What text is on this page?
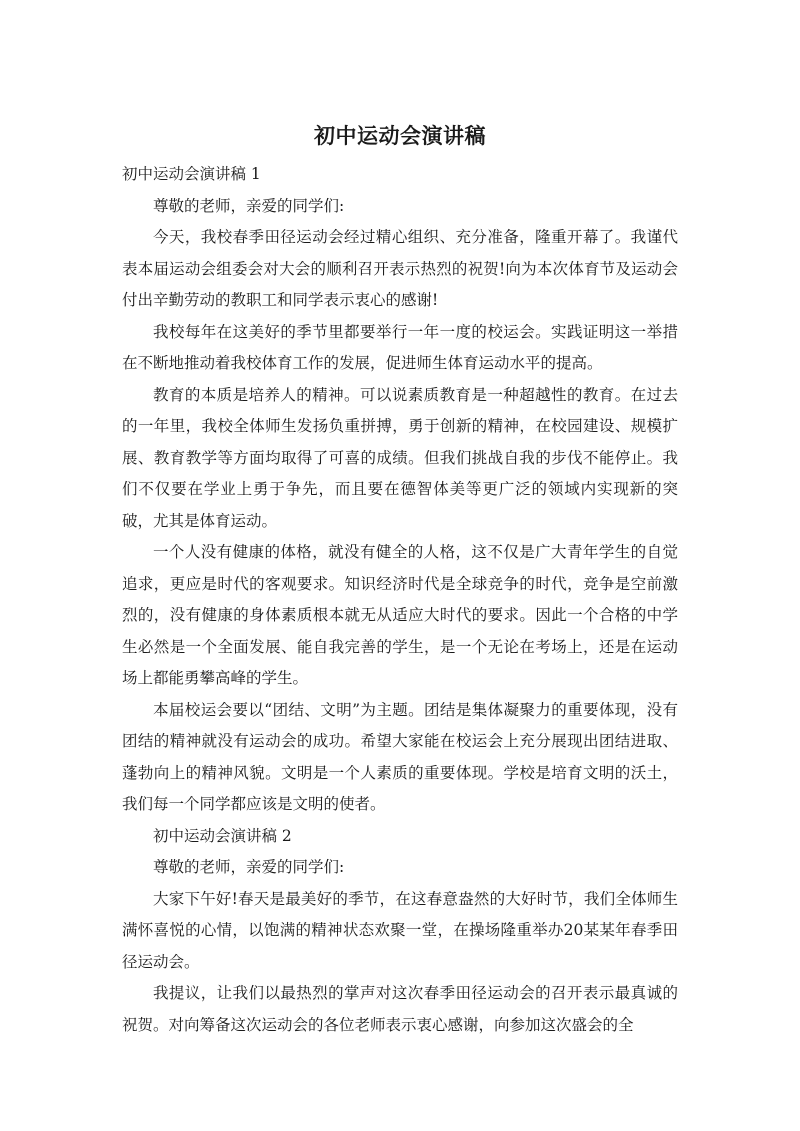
初中运动会演讲稿

初中运动会演讲稿 1

尊敬的老师，亲爱的同学们:

今天，我校春季田径运动会经过精心组织、充分准备，隆重开幕了。我谨代表本届运动会组委会对大会的顺利召开表示热烈的祝贺!向为本次体育节及运动会付出辛勤劳动的教职工和同学表示衷心的感谢!

我校每年在这美好的季节里都要举行一年一度的校运会。实践证明这一举措在不断地推动着我校体育工作的发展，促进师生体育运动水平的提高。

教育的本质是培养人的精神。可以说素质教育是一种超越性的教育。在过去的一年里，我校全体师生发扬负重拼搏，勇于创新的精神，在校园建设、规模扩展、教育教学等方面均取得了可喜的成绩。但我们挑战自我的步伐不能停止。我们不仅要在学业上勇于争先，而且要在德智体美等更广泛的领域内实现新的突破，尤其是体育运动。

一个人没有健康的体格，就没有健全的人格，这不仅是广大青年学生的自觉追求，更应是时代的客观要求。知识经济时代是全球竞争的时代，竞争是空前激烈的，没有健康的身体素质根本就无从适应大时代的要求。因此一个合格的中学生必然是一个全面发展、能自我完善的学生，是一个无论在考场上，还是在运动场上都能勇攀高峰的学生。

本届校运会要以“团结、文明”为主题。团结是集体凝聚力的重要体现，没有团结的精神就没有运动会的成功。希望大家能在校运会上充分展现出团结进取、蓬勃向上的精神风貌。文明是一个人素质的重要体现。学校是培育文明的沃土，我们每一个同学都应该是文明的使者。

初中运动会演讲稿 2

尊敬的老师，亲爱的同学们:

大家下午好!春天是最美好的季节，在这春意盎然的大好时节，我们全体师生满怀喜悦的心情，以饱满的精神状态欢聚一堂，在操场隆重举办20某某年春季田径运动会。

我提议，让我们以最热烈的掌声对这次春季田径运动会的召开表示最真诚的祝贺。对向筹备这次运动会的各位老师表示衷心感谢，向参加这次盛会的全
